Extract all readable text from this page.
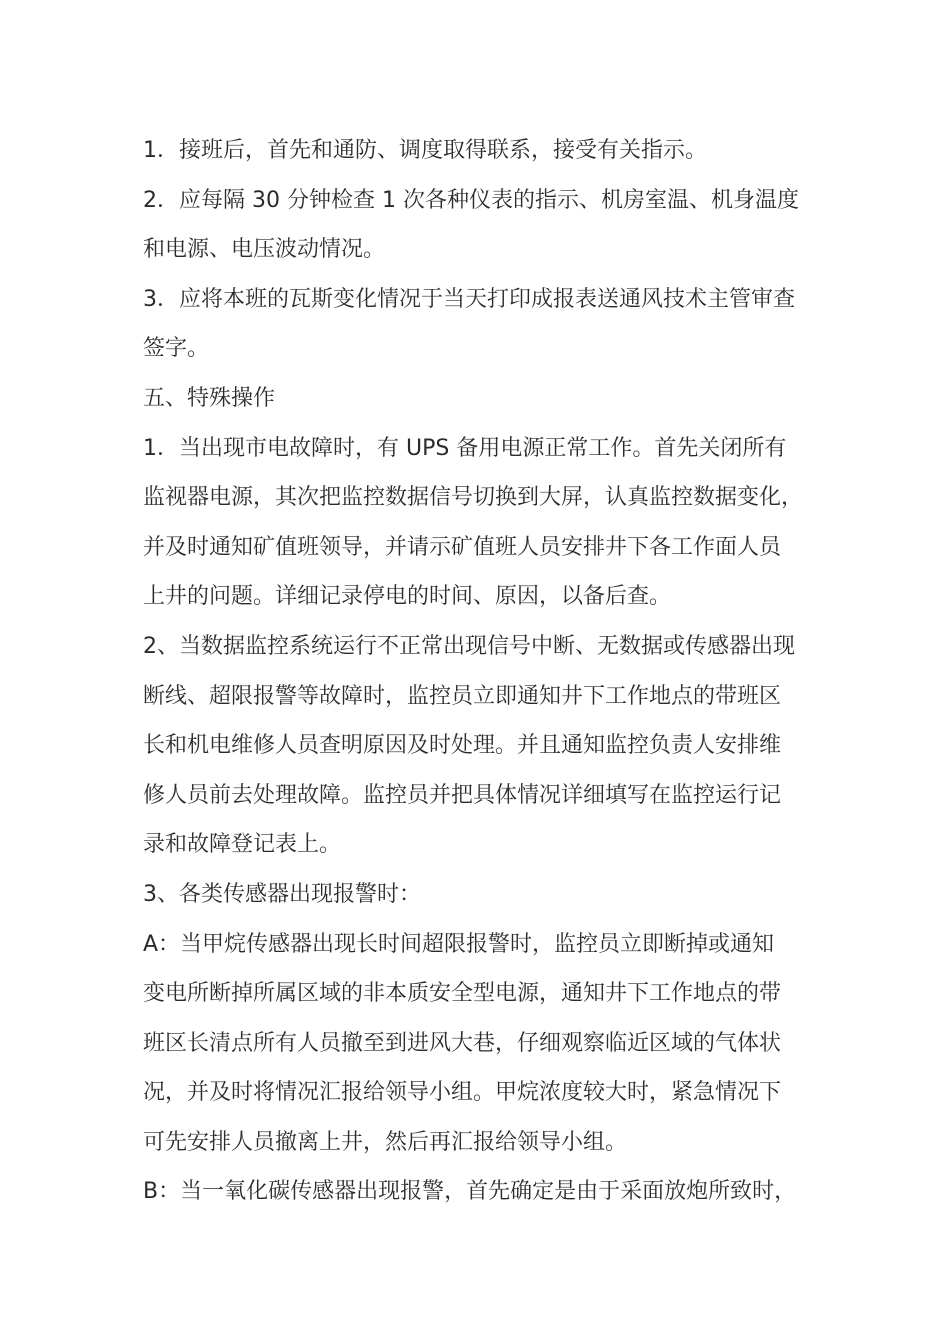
1．接班后，首先和通防、调度取得联系，接受有关指示。

2．应每隔 30 分钟检查 1 次各种仪表的指示、机房室温、机身温度
和电源、电压波动情况。

3．应将本班的瓦斯变化情况于当天打印成报表送通风技术主管审查
签字。

五、特殊操作

1．当出现市电故障时，有 UPS 备用电源正常工作。首先关闭所有
监视器电源，其次把监控数据信号切换到大屏，认真监控数据变化，
并及时通知矿值班领导，并请示矿值班人员安排井下各工作面人员
上井的问题。详细记录停电的时间、原因，以备后查。

2、当数据监控系统运行不正常出现信号中断、无数据或传感器出现
断线、超限报警等故障时，监控员立即通知井下工作地点的带班区
长和机电维修人员查明原因及时处理。并且通知监控负责人安排维
修人员前去处理故障。监控员并把具体情况详细填写在监控运行记
录和故障登记表上。

3、各类传感器出现报警时：

A：当甲烷传感器出现长时间超限报警时，监控员立即断掉或通知
变电所断掉所属区域的非本质安全型电源，通知井下工作地点的带
班区长清点所有人员撤至到进风大巷，仔细观察临近区域的气体状
况，并及时将情况汇报给领导小组。甲烷浓度较大时，紧急情况下
可先安排人员撤离上井，然后再汇报给领导小组。

B：当一氧化碳传感器出现报警，首先确定是由于采面放炮所致时，
